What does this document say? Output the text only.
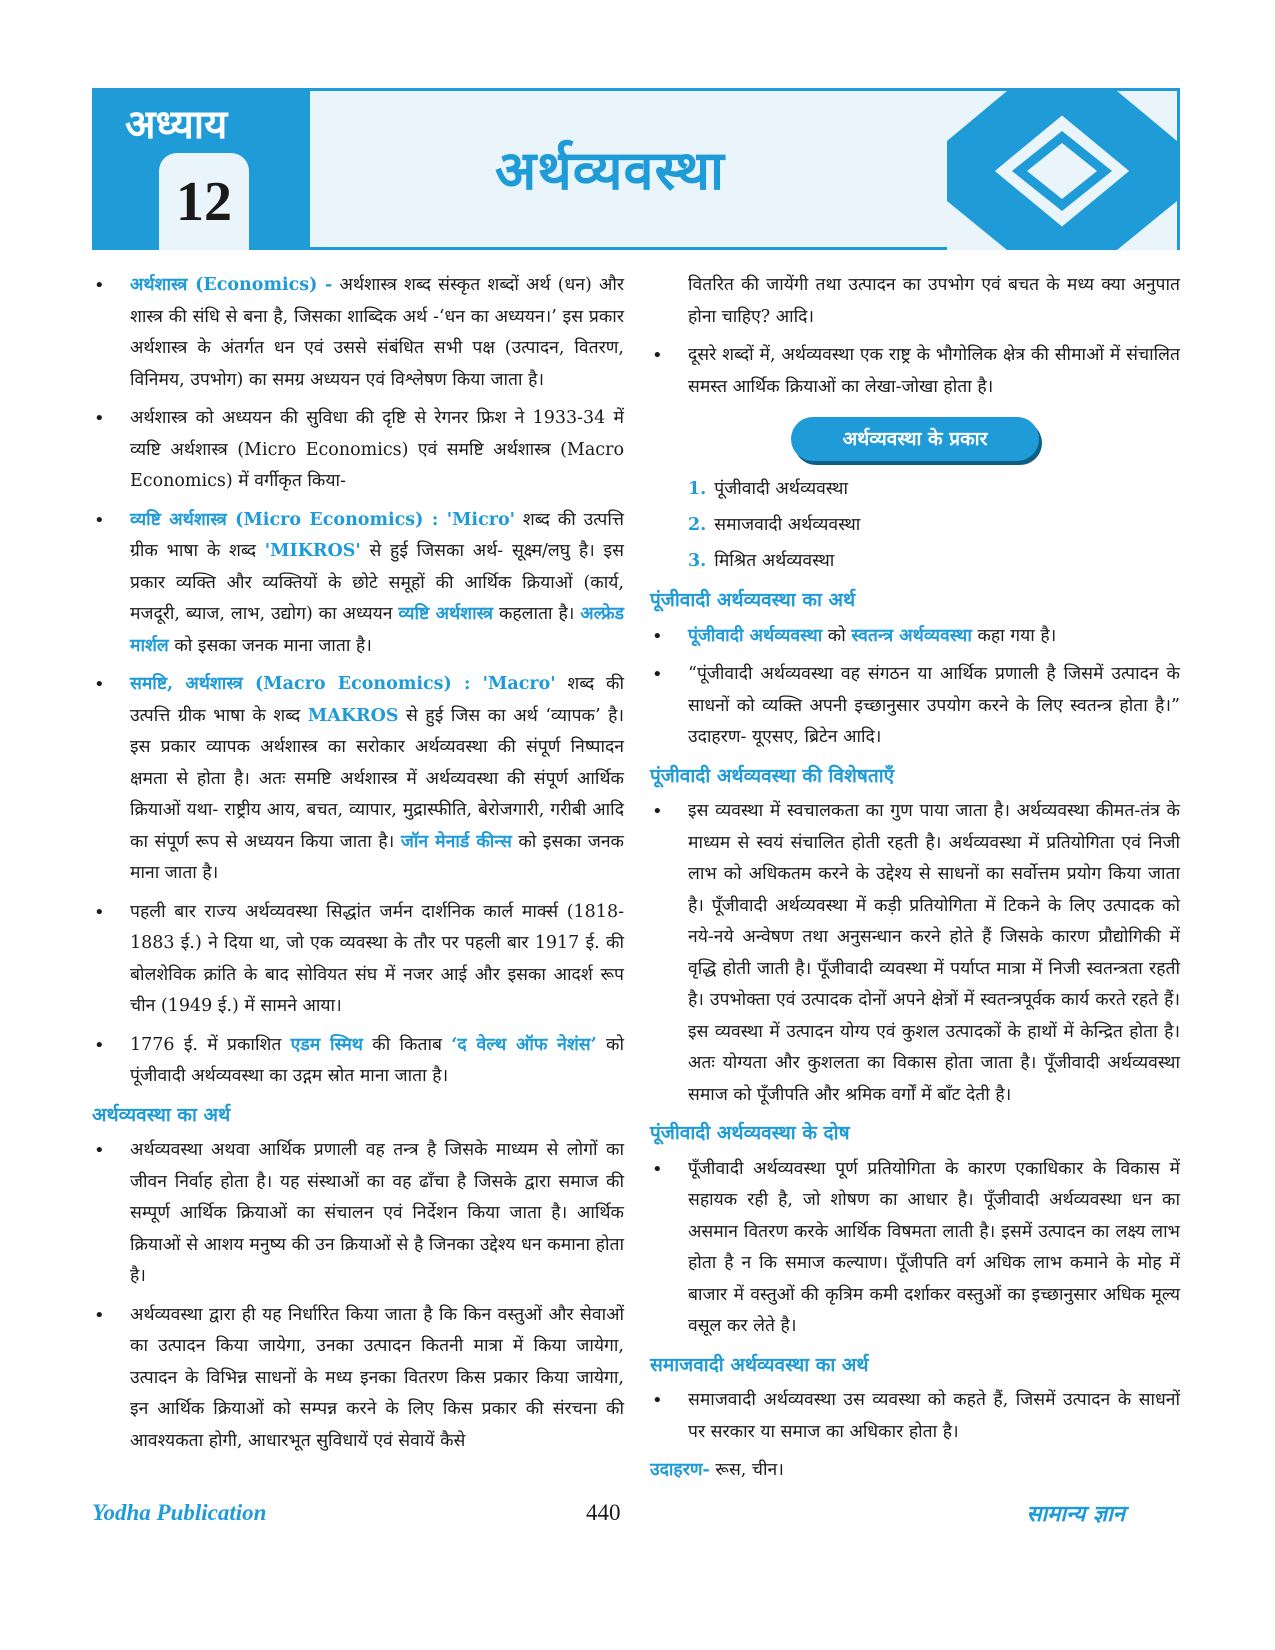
अध्याय
12	अर्थव्यवस्था
• अर्थशास्त्र (Economics) - अर्थशास्त्र शब्द संस्कृत शब्दों अर्थ (धन) और शास्त्र की संधि से बना है, जिसका शाब्दिक अर्थ -‘धन का अध्ययन।’ इस प्रकार अर्थशास्त्र के अंतर्गत धन एवं उससे संबंधित सभी पक्ष (उत्पादन, वितरण, विनिमय, उपभोग) का समग्र अध्ययन एवं विश्लेषण किया जाता है।
• अर्थशास्त्र को अध्ययन की सुविधा की दृष्टि से रेगनर फ्रिश ने 1933-34 में व्यष्टि अर्थशास्त्र (Micro Economics) एवं समष्टि अर्थशास्त्र (Macro Economics) में वर्गीकृत किया-
• व्यष्टि अर्थशास्त्र (Micro Economics) : 'Micro' शब्द की उत्पत्ति ग्रीक भाषा के शब्द 'MIKROS' से हुई जिसका अर्थ- सूक्ष्म/लघु है। इस प्रकार व्यक्ति और व्यक्तियों के छोटे समूहों की आर्थिक क्रियाओं (कार्य, मजदूरी, ब्याज, लाभ, उद्योग) का अध्ययन व्यष्टि अर्थशास्त्र कहलाता है। अल्फ्रेड मार्शल को इसका जनक माना जाता है।
• समष्टि, अर्थशास्त्र (Macro Economics) : 'Macro' शब्द की उत्पत्ति ग्रीक भाषा के शब्द MAKROS से हुई जिस का अर्थ ‘व्यापक’ है। इस प्रकार व्यापक अर्थशास्त्र का सरोकार अर्थव्यवस्था की संपूर्ण निष्पादन क्षमता से होता है। अतः समष्टि अर्थशास्त्र में अर्थव्यवस्था की संपूर्ण आर्थिक क्रियाओं यथा- राष्ट्रीय आय, बचत, व्यापार, मुद्रास्फीति, बेरोजगारी, गरीबी आदि का संपूर्ण रूप से अध्ययन किया जाता है। जॉन मेनार्ड कीन्स को इसका जनक माना जाता है।
• पहली बार राज्य अर्थव्यवस्था सिद्धांत जर्मन दार्शनिक कार्ल मार्क्स (1818-1883 ई.) ने दिया था, जो एक व्यवस्था के तौर पर पहली बार 1917 ई. की बोलशेविक क्रांति के बाद सोवियत संघ में नजर आई और इसका आदर्श रूप चीन (1949 ई.) में सामने आया।
• 1776 ई. में प्रकाशित एडम स्मिथ की किताब ‘द वेल्थ ऑफ नेशंस’ को पूंजीवादी अर्थव्यवस्था का उद्गम स्रोत माना जाता है।
अर्थव्यवस्था का अर्थ
• अर्थव्यवस्था अथवा आर्थिक प्रणाली वह तन्त्र है जिसके माध्यम से लोगों का जीवन निर्वाह होता है। यह संस्थाओं का वह ढाँचा है जिसके द्वारा समाज की सम्पूर्ण आर्थिक क्रियाओं का संचालन एवं निर्देशन किया जाता है। आर्थिक क्रियाओं से आशय मनुष्य की उन क्रियाओं से है जिनका उद्देश्य धन कमाना होता है।
• अर्थव्यवस्था द्वारा ही यह निर्धारित किया जाता है कि किन वस्तुओं और सेवाओं का उत्पादन किया जायेगा, उनका उत्पादन कितनी मात्रा में किया जायेगा, उत्पादन के विभिन्न साधनों के मध्य इनका वितरण किस प्रकार किया जायेगा, इन आर्थिक क्रियाओं को सम्पन्न करने के लिए किस प्रकार की संरचना की आवश्यकता होगी, आधारभूत सुविधायें एवं सेवायें कैसे
वितरित की जायेंगी तथा उत्पादन का उपभोग एवं बचत के मध्य क्या अनुपात होना चाहिए? आदि।
• दूसरे शब्दों में, अर्थव्यवस्था एक राष्ट्र के भौगोलिक क्षेत्र की सीमाओं में संचालित समस्त आर्थिक क्रियाओं का लेखा-जोखा होता है।
अर्थव्यवस्था के प्रकार
1. पूंजीवादी अर्थव्यवस्था
2. समाजवादी अर्थव्यवस्था
3. मिश्रित अर्थव्यवस्था
पूंजीवादी अर्थव्यवस्था का अर्थ
• पूंजीवादी अर्थव्यवस्था को स्वतन्त्र अर्थव्यवस्था कहा गया है।
• “पूंजीवादी अर्थव्यवस्था वह संगठन या आर्थिक प्रणाली है जिसमें उत्पादन के साधनों को व्यक्ति अपनी इच्छानुसार उपयोग करने के लिए स्वतन्त्र होता है।” उदाहरण- यूएसए, ब्रिटेन आदि।
पूंजीवादी अर्थव्यवस्था की विशेषताएँ
• इस व्यवस्था में स्वचालकता का गुण पाया जाता है। अर्थव्यवस्था कीमत-तंत्र के माध्यम से स्वयं संचालित होती रहती है। अर्थव्यवस्था में प्रतियोगिता एवं निजी लाभ को अधिकतम करने के उद्देश्य से साधनों का सर्वोत्तम प्रयोग किया जाता है। पूँजीवादी अर्थव्यवस्था में कड़ी प्रतियोगिता में टिकने के लिए उत्पादक को नये-नये अन्वेषण तथा अनुसन्धान करने होते हैं जिसके कारण प्रौद्योगिकी में वृद्धि होती जाती है। पूँजीवादी व्यवस्था में पर्याप्त मात्रा में निजी स्वतन्त्रता रहती है। उपभोक्ता एवं उत्पादक दोनों अपने क्षेत्रों में स्वतन्त्रपूर्वक कार्य करते रहते हैं। इस व्यवस्था में उत्पादन योग्य एवं कुशल उत्पादकों के हाथों में केन्द्रित होता है। अतः योग्यता और कुशलता का विकास होता जाता है। पूँजीवादी अर्थव्यवस्था समाज को पूँजीपति और श्रमिक वर्गों में बाँट देती है।
पूंजीवादी अर्थव्यवस्था के दोष
• पूँजीवादी अर्थव्यवस्था पूर्ण प्रतियोगिता के कारण एकाधिकार के विकास में सहायक रही है, जो शोषण का आधार है। पूँजीवादी अर्थव्यवस्था धन का असमान वितरण करके आर्थिक विषमता लाती है। इसमें उत्पादन का लक्ष्य लाभ होता है न कि समाज कल्याण। पूँजीपति वर्ग अधिक लाभ कमाने के मोह में बाजार में वस्तुओं की कृत्रिम कमी दर्शाकर वस्तुओं का इच्छानुसार अधिक मूल्य वसूल कर लेते है।
समाजवादी अर्थव्यवस्था का अर्थ
• समाजवादी अर्थव्यवस्था उस व्यवस्था को कहते हैं, जिसमें उत्पादन के साधनों पर सरकार या समाज का अधिकार होता है।
उदाहरण- रूस, चीन।
Yodha Publication	440	सामान्य ज्ञान
